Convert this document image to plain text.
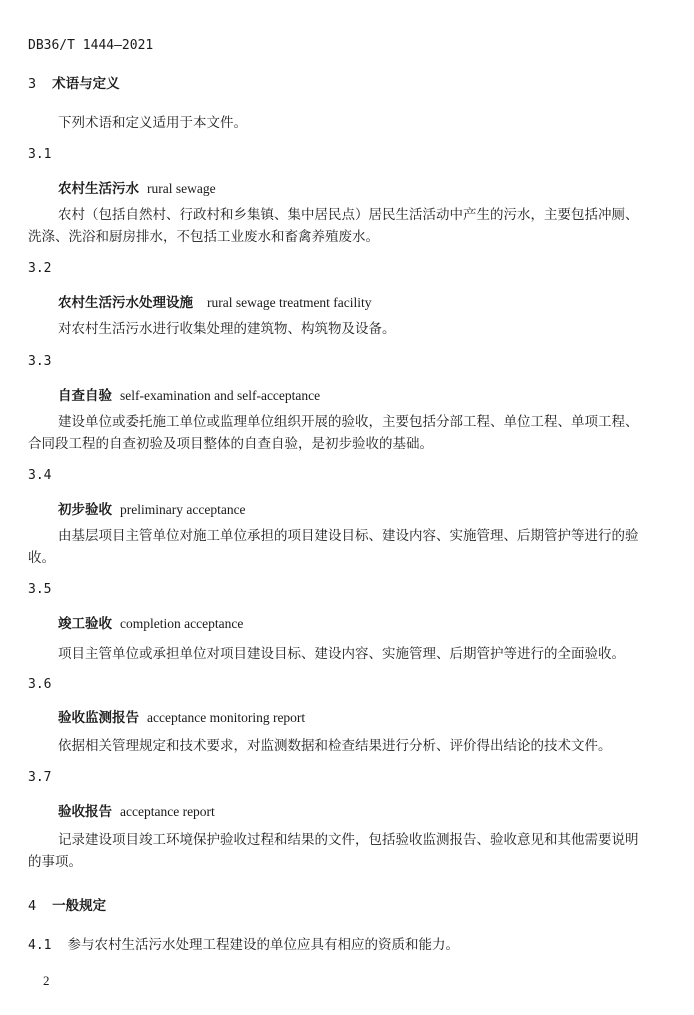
DB36/T 1444—2021
3 术语与定义
下列术语和定义适用于本文件。
3.1
农村生活污水 rural sewage
农村（包括自然村、行政村和乡集镇、集中居民点）居民生活活动中产生的污水，主要包括冲厕、
洗涤、洗浴和厨房排水，不包括工业废水和畜禽养殖废水。
3.2
农村生活污水处理设施 rural sewage treatment facility
对农村生活污水进行收集处理的建筑物、构筑物及设备。
3.3
自查自验 self-examination and self-acceptance
建设单位或委托施工单位或监理单位组织开展的验收，主要包括分部工程、单位工程、单项工程、
合同段工程的自查初验及项目整体的自查自验，是初步验收的基础。
3.4
初步验收 preliminary acceptance
由基层项目主管单位对施工单位承担的项目建设目标、建设内容、实施管理、后期管护等进行的验
收。
3.5
竣工验收 completion acceptance
项目主管单位或承担单位对项目建设目标、建设内容、实施管理、后期管护等进行的全面验收。
3.6
验收监测报告 acceptance monitoring report
依据相关管理规定和技术要求，对监测数据和检查结果进行分析、评价得出结论的技术文件。
3.7
验收报告 acceptance report
记录建设项目竣工环境保护验收过程和结果的文件，包括验收监测报告、验收意见和其他需要说明
的事项。
4 一般规定
4.1 参与农村生活污水处理工程建设的单位应具有相应的资质和能力。
2
